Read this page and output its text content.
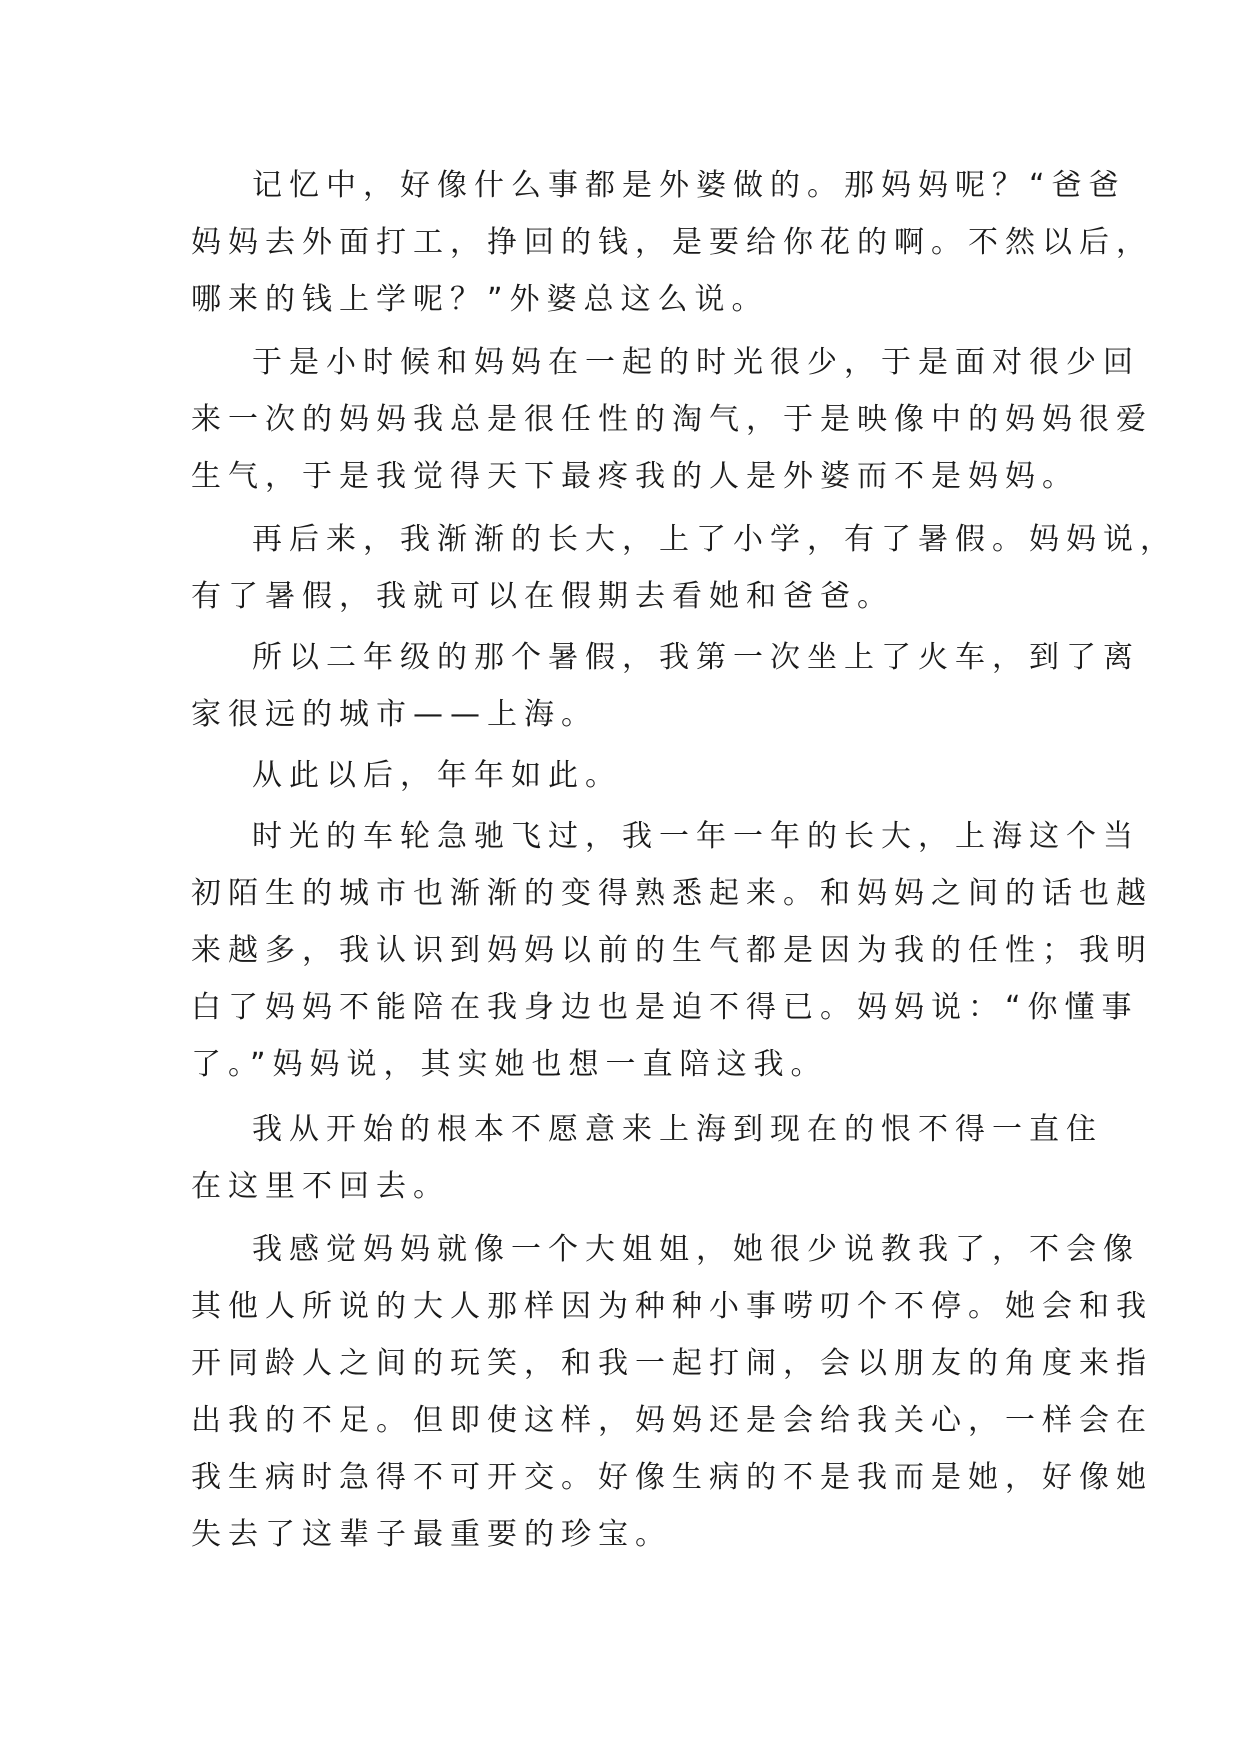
记忆中，好像什么事都是外婆做的。那妈妈呢？“爸爸
妈妈去外面打工，挣回的钱，是要给你花的啊。不然以后，
哪来的钱上学呢？”外婆总这么说。
于是小时候和妈妈在一起的时光很少，于是面对很少回
来一次的妈妈我总是很任性的淘气，于是映像中的妈妈很爱
生气，于是我觉得天下最疼我的人是外婆而不是妈妈。
再后来，我渐渐的长大，上了小学，有了暑假。妈妈说，
有了暑假，我就可以在假期去看她和爸爸。
所以二年级的那个暑假，我第一次坐上了火车，到了离
家很远的城市——上海。
从此以后，年年如此。
时光的车轮急驰飞过，我一年一年的长大，上海这个当
初陌生的城市也渐渐的变得熟悉起来。和妈妈之间的话也越
来越多，我认识到妈妈以前的生气都是因为我的任性；我明
白了妈妈不能陪在我身边也是迫不得已。妈妈说：“你懂事
了。”妈妈说，其实她也想一直陪这我。
我从开始的根本不愿意来上海到现在的恨不得一直住
在这里不回去。
我感觉妈妈就像一个大姐姐，她很少说教我了，不会像
其他人所说的大人那样因为种种小事唠叨个不停。她会和我
开同龄人之间的玩笑，和我一起打闹，会以朋友的角度来指
出我的不足。但即使这样，妈妈还是会给我关心，一样会在
我生病时急得不可开交。好像生病的不是我而是她，好像她
失去了这辈子最重要的珍宝。
